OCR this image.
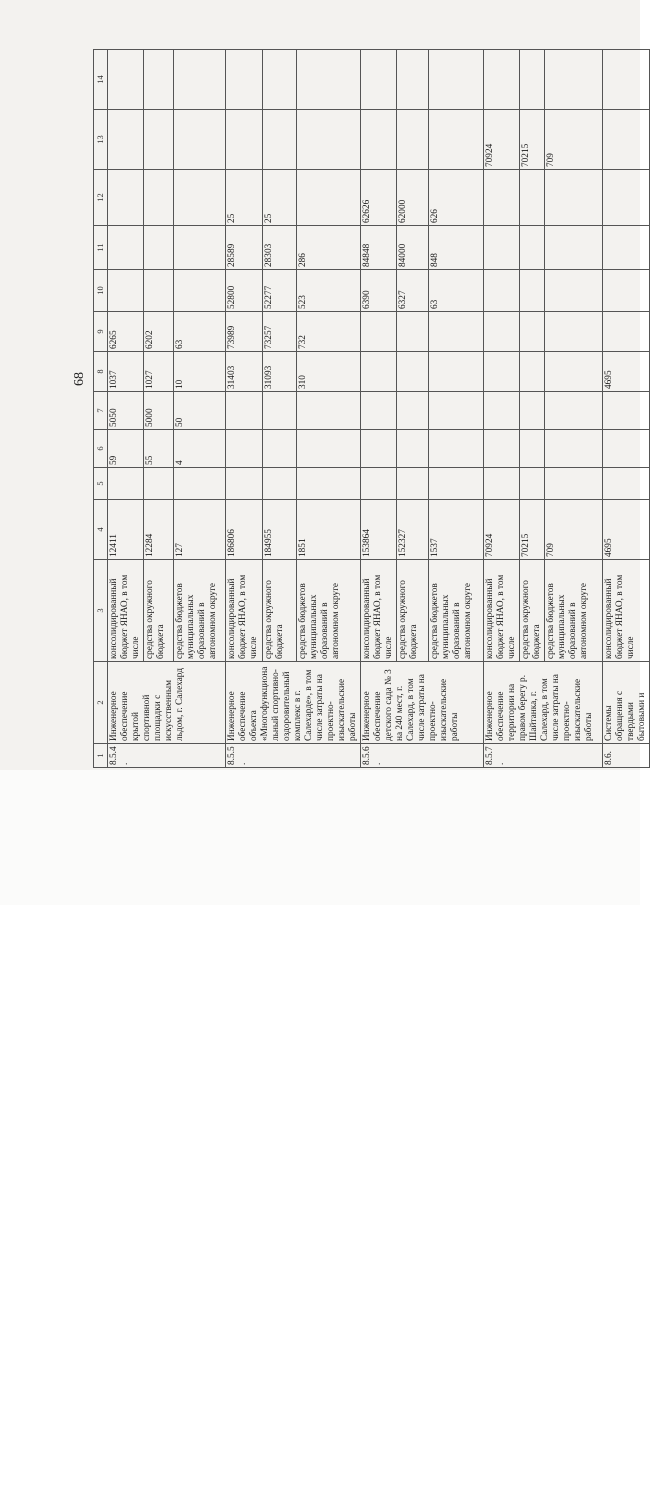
1	2	3	4	5	6	7	8	9	10	11	12	13	14
8.5.4.	Инженерное обеспечение крытой спортивной площадки с искусственным льдом, г. Салехард	консолидированный бюджет ЯНАО, в том числе	12411		59	5050	1037	6265					
		средства окружного бюджета	12284		55	5000	1027	6202					
		средства бюджетов муниципальных образований в автономном округе	127		4	50	10	63					
8.5.5.	Инженерное обеспечение объекта «Многофункциональный спортивно-оздоровительный комплекс в г. Салехарде», в том числе затраты на проектно-изыскательские работы	консолидированный бюджет ЯНАО, в том числе	186806				31403	73989	52800	28589	25		
		средства окружного бюджета	184955				31093	73257	52277	28303	25		
		средства бюджетов муниципальных образований в автономном округе	1851				310	732	523	286			
8.5.6.	Инженерное обеспечение детского сада № 3 на 240 мест, г. Салехард, в том числе затраты на проектно-изыскательские работы	консолидированный бюджет ЯНАО, в том числе	153864						6390	84848	62626		
		средства окружного бюджета	152327						6327	84000	62000		
		средства бюджетов муниципальных образований в автономном округе	1537						63	848	626		
8.5.7.	Инженерное обеспечение территории на правом берегу р. Шайтанка, г. Салехард, в том числе затраты на проектно-изыскательские работы	консолидированный бюджет ЯНАО, в том числе	70924									70924	
		средства окружного бюджета	70215									70215	
		средства бюджетов муниципальных образований в автономном округе	709									709	
8.6.	Системы обращения с твердыми бытовыми и	консолидированный бюджет ЯНАО, в том числе	4695				4695						
68
